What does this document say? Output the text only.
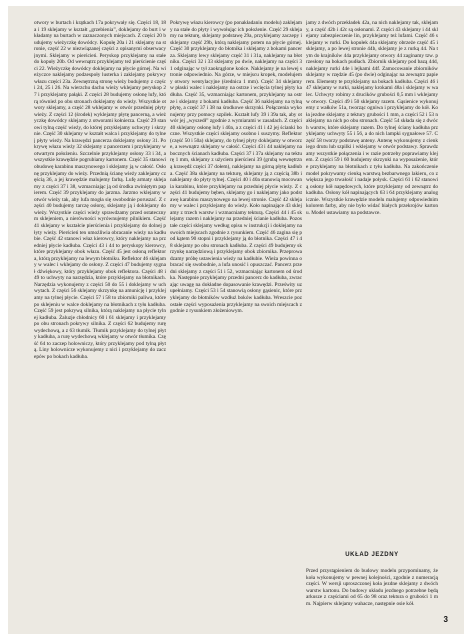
otwory w burtach i krątkach 17a pokrywały się. Części 18, 18a i 19 sklejamy w kształt „grzebienia”, doklejamy do burt i wkładamy na burtach w zaznaczonych miejscach. Z części 20 budujemy wieżyczkę dowódcy. Kopułę 20a i 21 sklejamy na stronie, część 22 w niezwiązanej części z opisanymi obserwacyjnymi. Sklejamy w pierścień. Peryskop przyklejamy na stałe do kopuły 20b. Od wewnątrz przyklejamy też pierścienie części 22. Wieżyczkę dowódcy doklejamy na płycie górnej. Na wieżyczce naklejamy podzespoły lusterka i zaklejamy pokrywy włazu części 23a. Zewnętrzną stronę wieży budujemy z części 24, 25 i 26. Na wierzchu dachu wieży wklejamy peryskop 27 i przyklejamy pałąki. Z części 28 budujemy osłonę lufy, którą również po obu stronach doklejamy do wieży. Wszystkie otwory sklejamy, a część 28 wklejamy w otwór przedniej płyty wieży. Z części 12 (środek) wyklejamy płytę pancerną, a wieżyczkę dowódcy sklejamy z otworami kołnierza. Część 29 stanowi tylną część wieży, do której przyklejamy uchwyty i skrzynie. Część 30 sklejamy w kształt walca i przyklejamy do tylnej płyty wieży. Na krawędzi pancerza doklejamy osłony 31. Pokrywę włazu wieży 32 sklejamy z pancerzem i przyklejamy w otwartym położeniu. Szczelnie przyklejamy osłony 33 i 34, a wszystkie krawędzie pogrubiamy kartonem. Część 35 stanowi obudowę karabinu maszynowego i sklejamy ją w całość. Osłonę przyklejamy do wieży. Przednią ścianę wieży zaklejamy częścią 36, a jej krawędzie malujemy farbą. Lufę armaty sklejamy z części 37 i 38, wzmacniając ją od środka zwiniętym papierem. Część 39 przyklejamy do jarzma. Jarzmo wklejamy w otwór wieży tak, aby lufa mogła się swobodnie poruszać. Z części 40 budujemy tarczę osłony, sklejamy ją i doklejamy do wieży. Wszystkie części wieży sprawdzamy przed ostatecznym sklejeniem, a nierówności wyrównujemy pilnikiem. Część 41 sklejamy w kształcie pierścienia i przyklejamy do dolnej płyty wieży. Pierścień ten umożliwia obracanie wieży na kadłubie. Część 42 stanowi właz kierowcy, który naklejamy na przedniej płycie kadłuba. Części 43 i 44 to peryskopy kierowcy, które przyklejamy obok włazu. Część 45 jest osłoną reflektora, którą przyklejamy na lewym błotniku. Reflektor 46 sklejamy w walec i wklejamy do osłony. Z części 47 budujemy sygnał dźwiękowy, który przyklejamy obok reflektora. Części 48 i 49 to uchwyty na narzędzia, które przyklejamy na błotnikach. Narzędzia wykonujemy z części 50 do 55 i doklejamy w uchwytach. Z części 56 sklejamy skrzynkę na amunicję i przyklejamy na tylnej płycie. Części 57 i 58 to zbiorniki paliwa, które po sklejeniu w walce doklejamy na błotnikach z tyłu kadłuba. Część 59 jest pokrywą silnika, którą naklejamy na płycie tylnej kadłuba. Żaluzje chłodnicy 60 i 61 sklejamy i przyklejamy po obu stronach pokrywy silnika. Z części 62 budujemy rurę wydechową, a z 63 tłumik. Tłumik przyklejamy do tylnej płyty kadłuba, a rurę wydechową wklejamy w otwór tłumika. Część 64 to zaczep holowniczy, który przyklejamy pod tylną płytą. Liny holownicze wykonujemy z nici i przyklejamy do zaczepów po bokach kadłuba.
Pokrywę włazu kierowcy (po ponakładaniu modelu) zaklejamy na stałe do płyty i wywołując ich położenie. Część 29 sklejamy na tekturę, sklejamy podstawę 29a, przyklejamy zaczepy i sklejamy część 29b, którą naklejamy potem na płycie górnej. Część 30 przyklejamy do błotnika i sklejamy z bokami pancerza. Sklejamy lewy sklejamy część 31 i 31a, naklejamy na błotniku. Części 32 i 33 sklejamy po dwie, naklejamy na części 31 odginając w tył zaokrąglone końce. Naklejamy je na lewej stronie odpowiednio. Na górze, w miejscu kropek, modelujemy otwory wentylacyjne (średnica 1 mm). Część 34 sklejamy w płaski walec i naklejamy na ostrze i wcięcia tylnej płyty kadłuba. Część 35, wzmacniając kartonem, przyklejamy na ostrze i sklejamy z bokami kadłuba. Część 36 naklejamy na tylną płytę, a część 37 i 38 na środkowe skrzynki. Połączenia wykonujemy przy pomocy szpilek. Kształt lufy 39 i 39a tak, aby otwór jej „wyszedł” zgodnie z wymiarami w zasadach. Z części 40 sklejamy osłonę lufy i 40a, a z części 41 i 42 jej ścianki boczne. Wszystkie części sklejamy osobno i suszymy. Reflektor (część 50 i 50a) sklejamy, do tylnej płyty doklejamy w otworze, a wewnątrz sklejamy w całość. Części 43 i 44 naklejamy na bocznych ścianach kadłuba. Części 37 i 37a sklejamy na tekturę 1 mm, sklejamy z użyciem pierścieni 39 (grubą wewnętrzną krawędź części 37 dołem), naklejamy na górną płytę kadłuba. Część 38a sklejamy na tekturę, sklejamy ją z częścią 38b i naklejamy do płyty tylnej. Części 40 i 40a stanowią mocowania karabinu, które przyklejamy na przedniej płycie wieży. Z części 41 budujemy bęben, sklejamy go i naklejamy jako podstawę karabinu maszynowego na lewej stronie. Część 42 sklejamy w walec i przyklejamy do wieży. Koło napinające 43 sklejamy z trzech warstw i wzmacniamy tekturą. Części 44 i 45 sklejamy razem i naklejamy na przedniej ścianie kadłuba. Pozostałe części sklejamy według opisu w instrukcji i doklejamy na swoich miejscach zgodnie z rysunkiem. Część 46 zagina się pod kątem 90 stopni i przyklejamy ją do błotnika. Części 47 i 48 sklejamy po obu stronach kadłuba. Z części 49 budujemy skrzynkę narzędziową i przyklejamy obok zbiornika. Przeprowadzamy próbę ustawienia wieży na kadłubie. Wieża powinna obracać się swobodnie, a lufa unosić i opuszczać. Pancerz przedni sklejamy z części 51 i 52, wzmacniając kartonem od środka. Następnie przyklejamy przedni pancerz do kadłuba, zwracając uwagę na dokładne dopasowanie krawędzi. Prześwity uzupełniamy. Części 53 i 54 stanowią osłony gąsienic, które przyklejamy do błotników wzdłuż boków kadłuba. Wreszcie pozostałe części wyposażenia przyklejamy na swoich miejscach zgodnie z rysunkiem złożeniowym.
jamy z dwóch przekładek 42a, na nich naklejamy tak, sklejamy, a część 42b i 42c są osłonami. Z części 43 sklejamy i 44 sklejamy zabezpieczenie lin, przyklejamy też lufami. Część 46 sklejamy w rurki. Do kopułek 44a sklejamy obrzeże część 45 i sklejamy, a po lewej stronie 44b, sklejamy je z rurką 44. Na tym do krajników 44a przyklejamy otwory 44 zaginamy tzw. przesłony na bokach pudłach. Zbiornik sklejamy pod bazą 44d, naklejamy rurki 44e i lejkami 44f. Zamocowanie zbiorników sklejamy w rzędzie 45 (po dwie) odginając na zewnątrz papierem. Elementy te przyklejamy na bokach kadłuba. Części 46 i 47 sklejamy w rurki, naklejamy krokami 48a i sklejamy w walec. Uchwyty robimy z drucików grubości 0,5 mm i wklejamy w otwory. Części 49 i 50 sklejamy razem. Gąsienice wykonujemy z wałków 51a, tworząc ogniwa i przyklejamy do kół. Koła jezdne sklejamy z tektury grubości 1 mm, a części 52 i 53 naklejamy na nich po obu stronach. Część 54 składa się z dwóch warstw, które sklejamy razem. Do tylnej ściany kadłuba przyklejamy uchwyty 55 i 56, a do nich lampki sygnałowe 57. Część 58 tworzy podstawę anteny. Antenę wykonujemy z cienkiego drutu lub szpilki i wklejamy w otwór podstawy. Sprawdzamy wszystkie połączenia i w razie potrzeby poprawiamy klejem. Z części 59 i 60 budujemy skrzynki na wyposażenie, które przyklejamy na błotnikach z tyłu kadłuba. Na zakończenie model pokrywamy cienką warstwą bezbarwnego lakieru, co zwiększa jego trwałość i nadaje połysk. Części 61 i 62 stanowią osłony kół napędowych, które przyklejamy od zewnątrz do kadłuba. Osłony kół napinających 63 i 64 przyklejamy analogicznie. Wszystkie krawędzie modelu malujemy odpowiednim kolorem farby, aby nie było widać białych przekrojów kartonu. Model ustawiamy na podstawce.
UKŁAD JEZDNY
Przed przystąpieniem do budowy modelu przypominamy, że koła wykonujemy w pewnej kolejności, zgodnie z numeracją części. W wersji uproszczonej koła jezdne sklejamy z dwóch warstw kartonu. Do budowy układu jezdnego potrzebne będą arkusze z częściami od 65 do 98 oraz tektura o grubości 1 mm. Najpierw sklejamy wahacze, następnie osie kół.
3
